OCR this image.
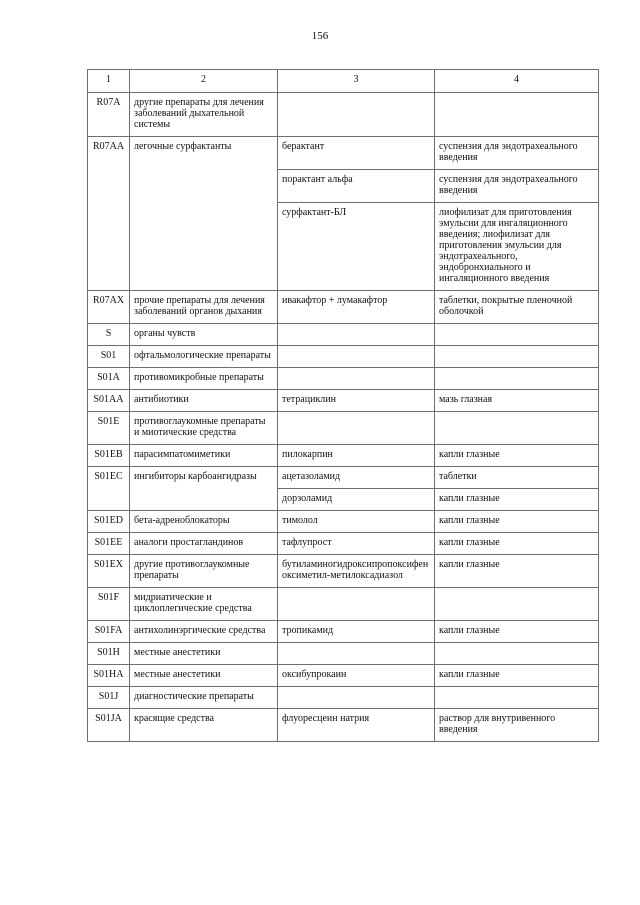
156
1	2	3	4
R07A	другие препараты для лечения заболеваний дыхательной системы		
R07AA	легочные сурфактанты	берактант	суспензия для эндотрахеального введения
		порактант альфа	суспензия для эндотрахеального введения
		сурфактант-БЛ	лиофилизат для приготовления эмульсии для ингаляционного введения; лиофилизат для приготовления эмульсии для эндотрахеального, эндобронхиального и ингаляционного введения
R07AX	прочие препараты для лечения заболеваний органов дыхания	ивакафтор + лумакафтор	таблетки, покрытые пленочной оболочкой
S	органы чувств		
S01	офтальмологические препараты		
S01A	противомикробные препараты		
S01AA	антибиотики	тетрациклин	мазь глазная
S01E	противоглаукомные препараты и миотические средства		
S01EB	парасимпатомиметики	пилокарпин	капли глазные
S01EC	ингибиторы карбоангидразы	ацетазоламид	таблетки
		дорзоламид	капли глазные
S01ED	бета-адреноблокаторы	тимолол	капли глазные
S01EE	аналоги простагландинов	тафлупрост	капли глазные
S01EX	другие противоглаукомные препараты	бутиламиногидроксипропоксифеноксиметил-метилоксадиазол	капли глазные
S01F	мидриатические и циклоплегические средства		
S01FA	антихолинэргические средства	тропикамид	капли глазные
S01H	местные анестетики		
S01HA	местные анестетики	оксибупрокаин	капли глазные
S01J	диагностические препараты		
S01JA	красящие средства	флуоресцеин натрия	раствор для внутривенного введения
